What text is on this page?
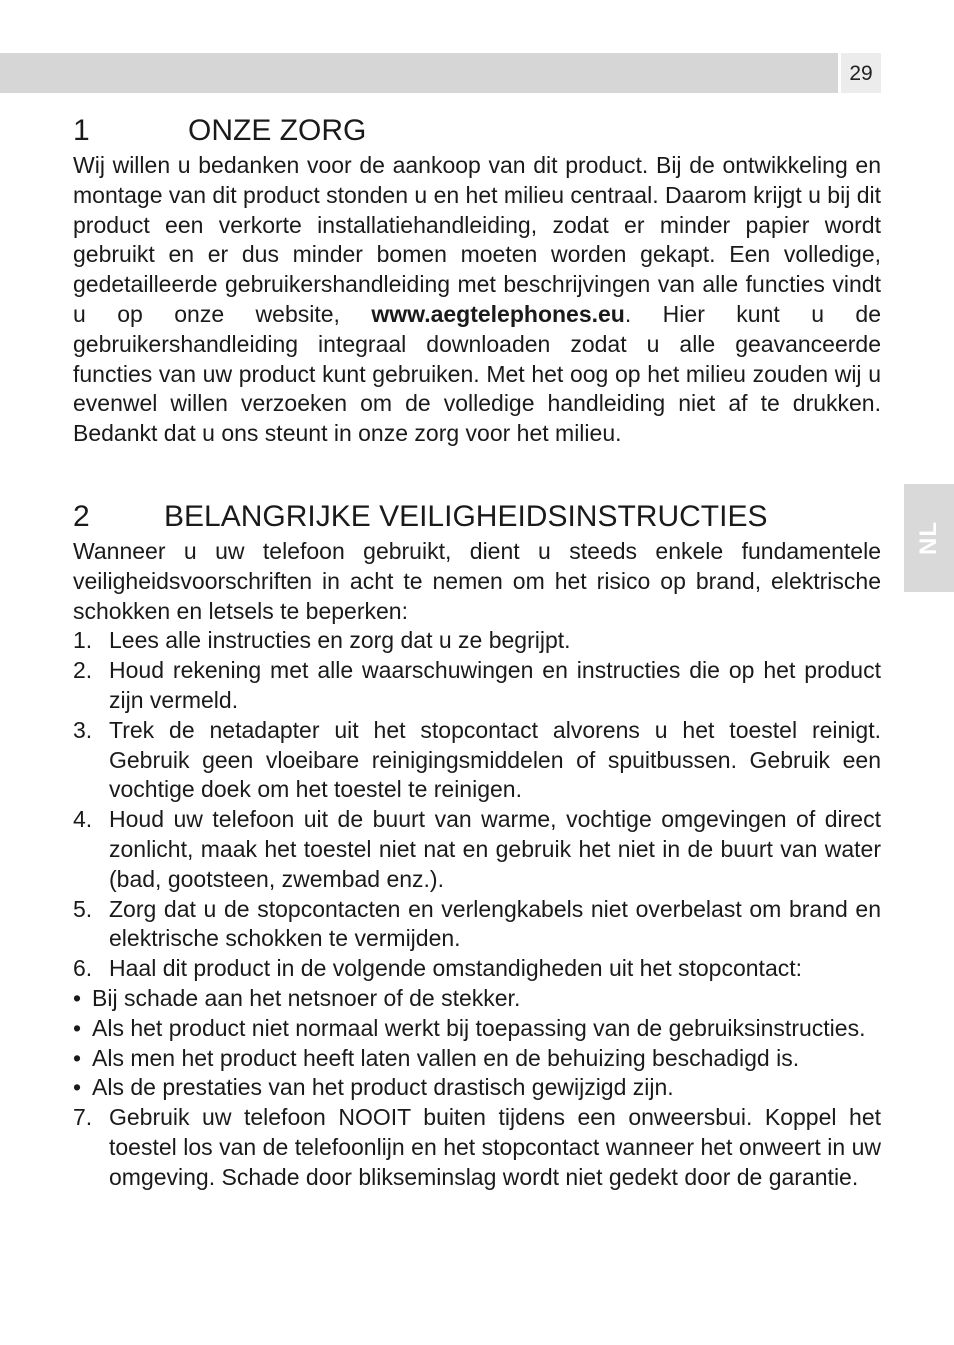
29
NL
1	ONZE ZORG

Wij willen u bedanken voor de aankoop van dit product. Bij de ontwikkeling en montage van dit product stonden u en het milieu centraal. Daarom krijgt u bij dit product een verkorte installatiehandleiding, zodat er minder papier wordt gebruikt en er dus minder bomen moeten worden gekapt. Een volledige, gedetailleerde gebruikershandleiding met beschrijvingen van alle functies vindt u op onze website, www.aegtelephones.eu. Hier kunt u de gebruikershandleiding integraal downloaden zodat u alle geavanceerde functies van uw product kunt gebruiken. Met het oog op het milieu zouden wij u evenwel willen verzoeken om de volledige handleiding niet af te drukken. Bedankt dat u ons steunt in onze zorg voor het milieu.

2	BELANGRIJKE VEILIGHEIDSINSTRUCTIES

Wanneer u uw telefoon gebruikt, dient u steeds enkele fundamentele veiligheidsvoorschriften in acht te nemen om het risico op brand, elektrische schokken en letsels te beperken:

1. Lees alle instructies en zorg dat u ze begrijpt.
2. Houd rekening met alle waarschuwingen en instructies die op het product zijn vermeld.
3. Trek de netadapter uit het stopcontact alvorens u het toestel reinigt. Gebruik geen vloeibare reinigingsmiddelen of spuitbussen. Gebruik een vochtige doek om het toestel te reinigen.
4. Houd uw telefoon uit de buurt van warme, vochtige omgevingen of direct zonlicht, maak het toestel niet nat en gebruik het niet in de buurt van water (bad, gootsteen, zwembad enz.).
5. Zorg dat u de stopcontacten en verlengkabels niet overbelast om brand en elektrische schokken te vermijden.
6. Haal dit product in de volgende omstandigheden uit het stopcontact:
• Bij schade aan het netsnoer of de stekker.
• Als het product niet normaal werkt bij toepassing van de gebruiksinstructies.
• Als men het product heeft laten vallen en de behuizing beschadigd is.
• Als de prestaties van het product drastisch gewijzigd zijn.
7. Gebruik uw telefoon NOOIT buiten tijdens een onweersbui. Koppel het toestel los van de telefoonlijn en het stopcontact wanneer het onweert in uw omgeving. Schade door blikseminslag wordt niet gedekt door de garantie.
